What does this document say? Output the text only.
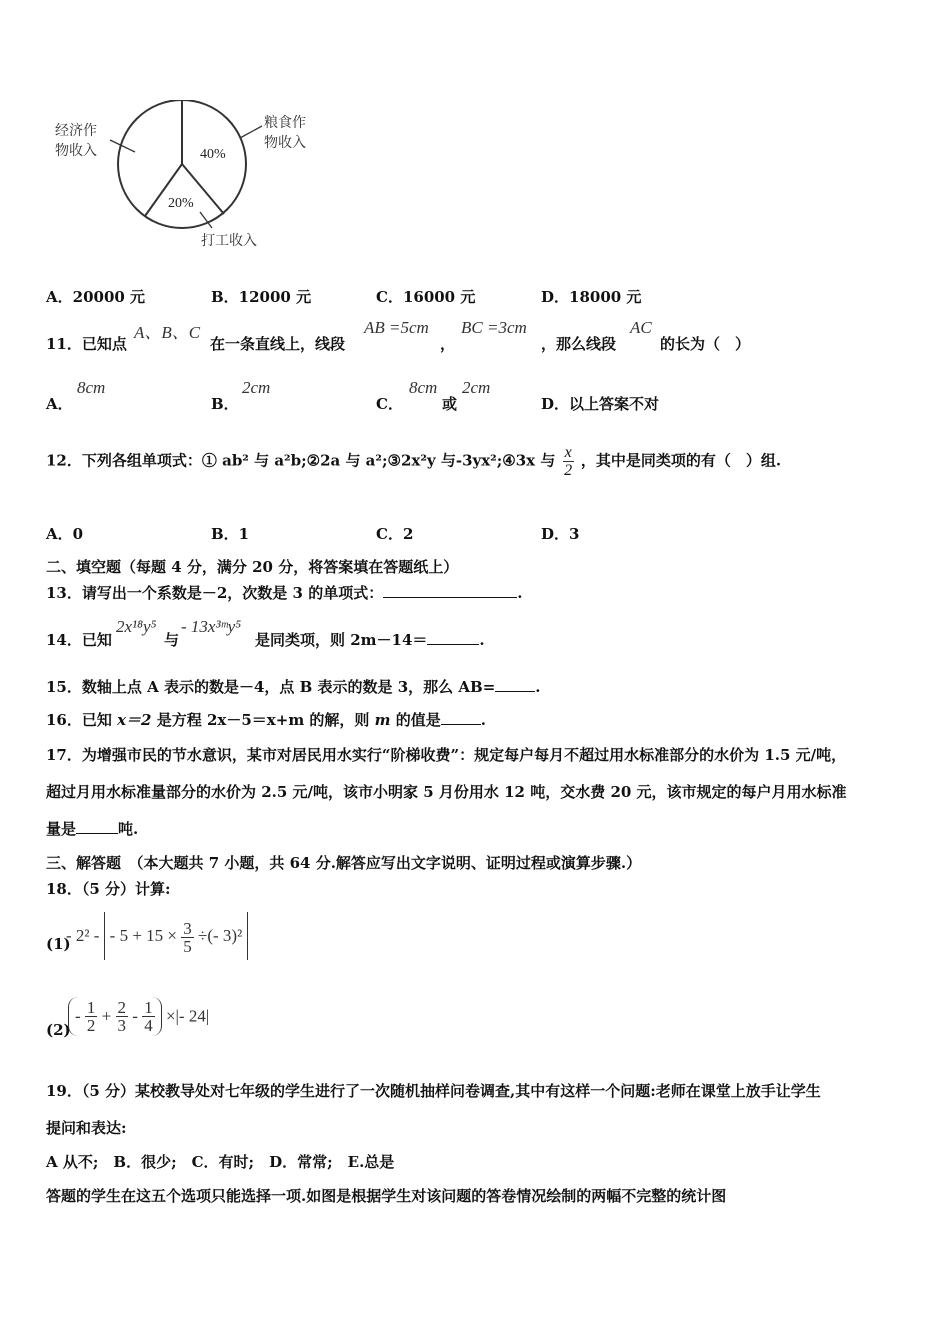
经济作
物收入
粮食作
物收入
打工收入
40%
20%
A．20000 元	B．12000 元	C．16000 元	D．18000 元
11．已知点
A、B、C
在一条直线上，线段
AB =5cm
，
BC =3cm
，那么线段
AC
的长为（　）
A．
8cm
B．
2cm
C．
8cm
或
2cm
D．以上答案不对
12．下列各组单项式：① ab² 与 a²b;②2a 与 a²;③2x²y 与-3yx²;④3x 与 $\frac{x}{2}$ ，其中是同类项的有（　）组.
A．0	B．1	C．2	D．3
二、填空题（每题 4 分，满分 20 分，将答案填在答题纸上）
13．请写出一个系数是－2，次数是 3 的单项式：	.
14．已知
2x¹⁸y⁵
与
- 13x³ᵐy⁵
是同类项，则 2m－14＝	.
15．数轴上点 A 表示的数是－4，点 B 表示的数是 3，那么 AB=	.
16．已知 x＝2 是方程 2x－5＝x+m 的解，则 m 的值是	.
17．为增强市民的节水意识，某市对居民用水实行“阶梯收费”：规定每户每月不超过用水标准部分的水价为 1.5 元/吨，
超过月用水标准量部分的水价为 2.5 元/吨，该市小明家 5 月份用水 12 吨，交水费 20 元，该市规定的每户月用水标准
量是	吨.
三、解答题　（本大题共 7 小题，共 64 分.解答应写出文字说明、证明过程或演算步骤.）
18．（5 分）计算:
(1)
- 2² - - $5 + 15 \times \frac{3}{5}$ ÷(- 3)²
(2)
- $\frac{1}{2} + \frac{2}{3} - \frac{1}{4}$ ×|- 24|
19．（5 分）某校教导处对七年级的学生进行了一次随机抽样问卷调查,其中有这样一个问题:老师在课堂上放手让学生
提问和表达:
A 从不;　B．很少;　C．有时;　D．常常;　E.总是
答题的学生在这五个选项只能选择一项.如图是根据学生对该问题的答卷情况绘制的两幅不完整的统计图
